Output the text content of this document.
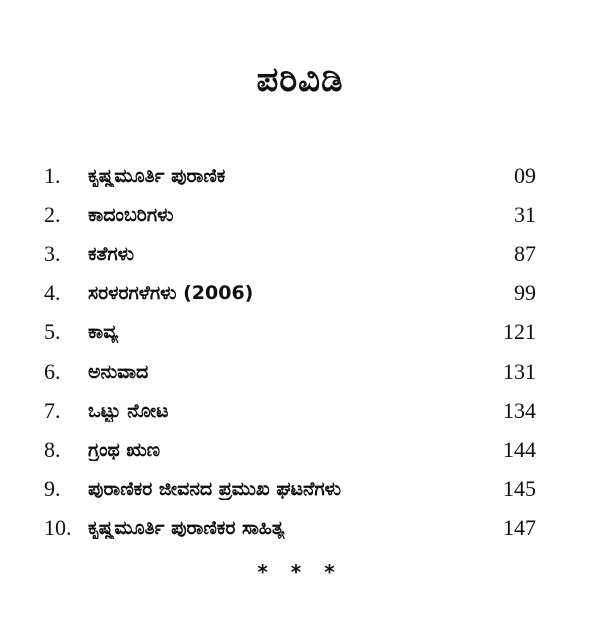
ಪರಿವಿಡಿ
1.	ಕೃಷ್ಣಮೂರ್ತಿ ಪುರಾಣಿಕ	09
2.	ಕಾದಂಬರಿಗಳು	31
3.	ಕತೆಗಳು	87
4.	ಸರಳರಗಳೆಗಳು (2006)	99
5.	ಕಾವ್ಯ	121
6.	ಅನುವಾದ	131
7.	ಒಟ್ಟು ನೋಟ	134
8.	ಗ್ರಂಥ ಋಣ	144
9.	ಪುರಾಣಿಕರ ಜೀವನದ ಪ್ರಮುಖ ಘಟನೆಗಳು	145
10. ಕೃಷ್ಣಮೂರ್ತಿ ಪುರಾಣಿಕರ ಸಾಹಿತ್ಯ	147
* * *
